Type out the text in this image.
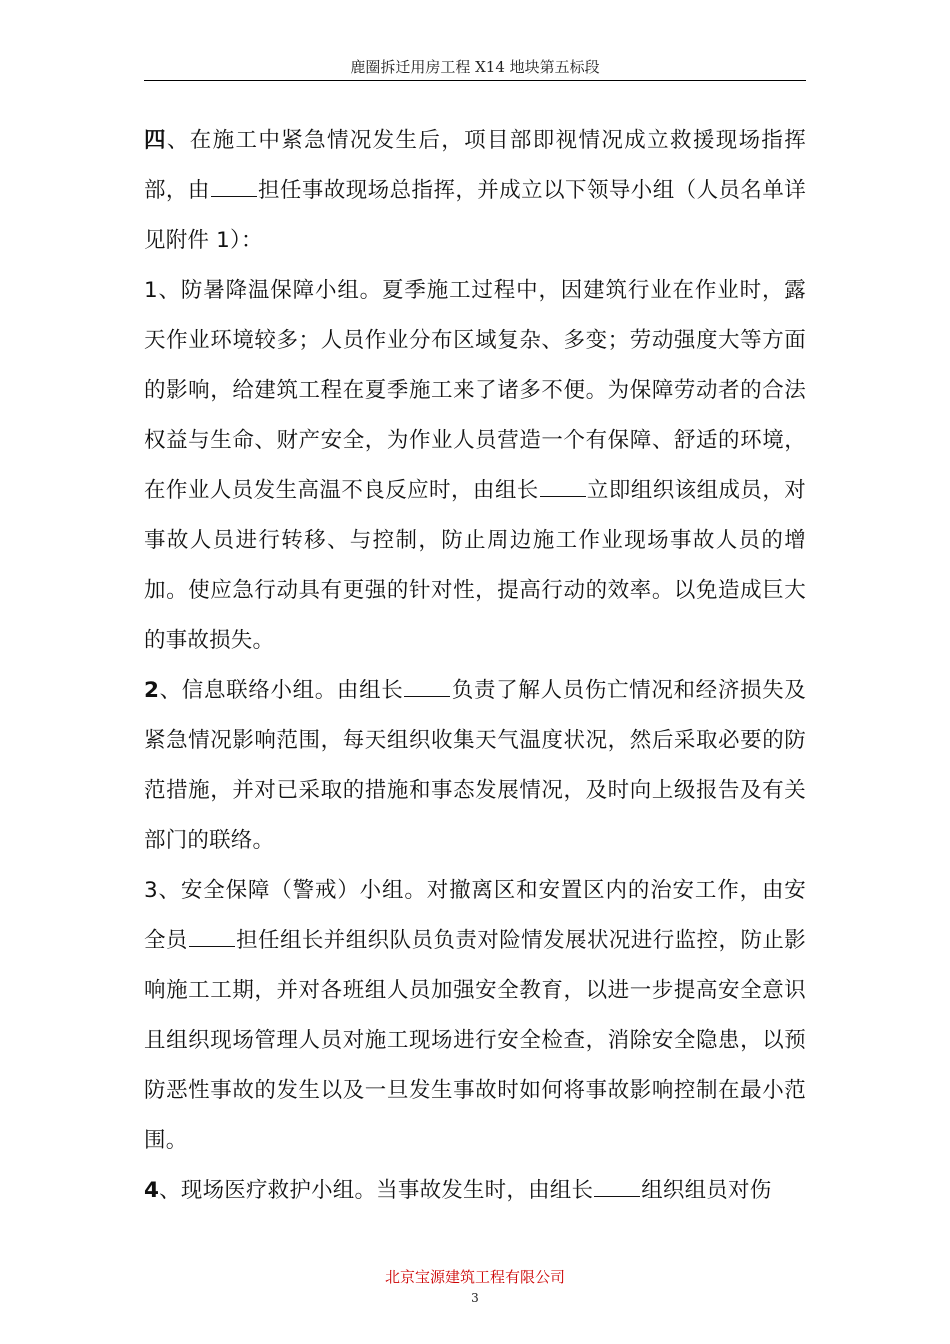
鹿圈拆迁用房工程 X14 地块第五标段

四、在施工中紧急情况发生后，项目部即视情况成立救援现场指挥部，由 担任事故现场总指挥，并成立以下领导小组（人员名单详见附件 1）：

1、防暑降温保障小组。夏季施工过程中，因建筑行业在作业时，露天作业环境较多；人员作业分布区域复杂、多变；劳动强度大等方面的影响，给建筑工程在夏季施工来了诸多不便。为保障劳动者的合法权益与生命、财产安全，为作业人员营造一个有保障、舒适的环境，在作业人员发生高温不良反应时，由组长 立即组织该组成员，对事故人员进行转移、与控制，防止周边施工作业现场事故人员的增加。使应急行动具有更强的针对性，提高行动的效率。以免造成巨大的事故损失。

2、信息联络小组。由组长 负责了解人员伤亡情况和经济损失及紧急情况影响范围，每天组织收集天气温度状况，然后采取必要的防范措施，并对已采取的措施和事态发展情况，及时向上级报告及有关部门的联络。

3、安全保障（警戒）小组。对撤离区和安置区内的治安工作，由安全员 担任组长并组织队员负责对险情发展状况进行监控，防止影响施工工期，并对各班组人员加强安全教育，以进一步提高安全意识且组织现场管理人员对施工现场进行安全检查，消除安全隐患，以预防恶性事故的发生以及一旦发生事故时如何将事故影响控制在最小范围。

4、现场医疗救护小组。当事故发生时，由组长 组织组员对伤

北京宝源建筑工程有限公司
3
